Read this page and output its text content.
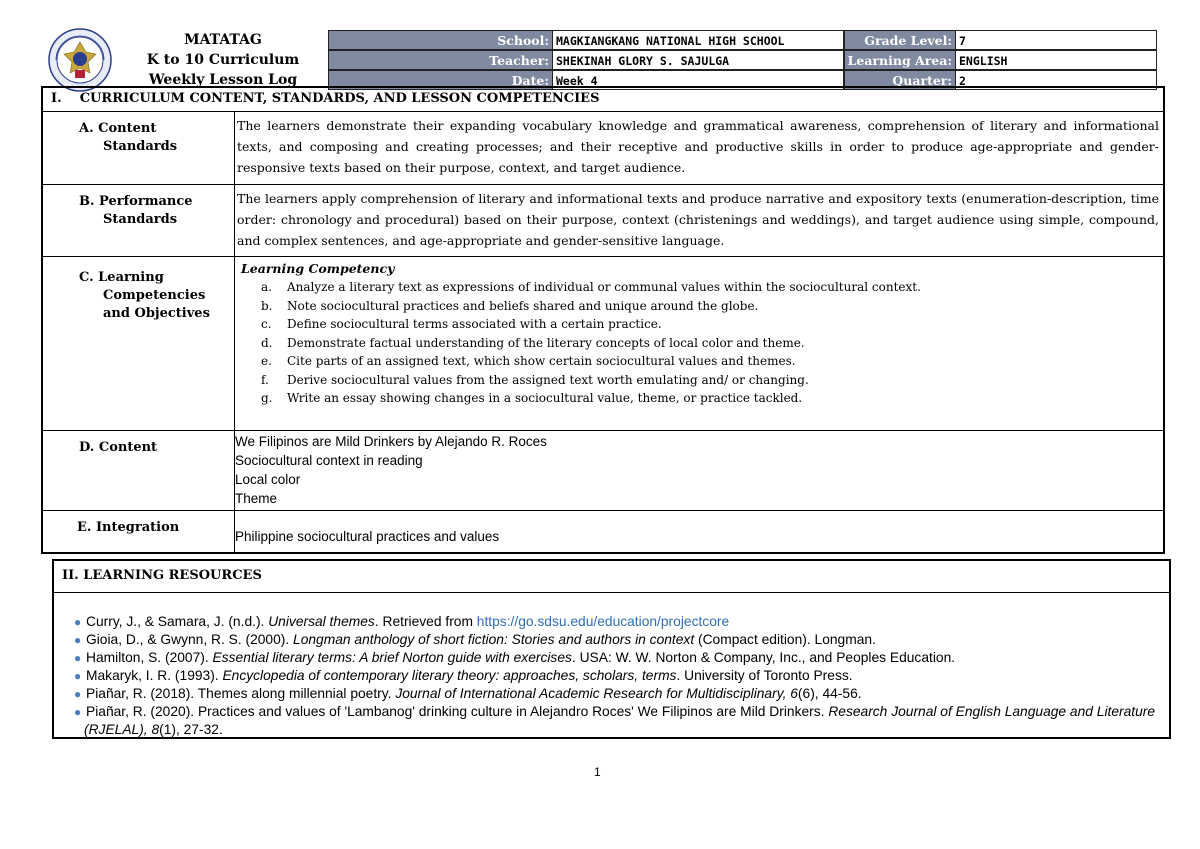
MATATAG
K to 10 Curriculum
Weekly Lesson Log
School: MAGKIANGKANG NATIONAL HIGH SCHOOL
Teacher: SHEKINAH GLORY S. SAJULGA
Date: Week 4
Grade Level: 7
Learning Area: ENGLISH
Quarter: 2
I.    CURRICULUM CONTENT, STANDARDS, AND LESSON COMPETENCIES
A. Content
Standards
The learners demonstrate their expanding vocabulary knowledge and grammatical awareness, comprehension of literary and informational texts, and composing and creating processes; and their receptive and productive skills in order to produce age-appropriate and gender-responsive texts based on their purpose, context, and target audience.
B. Performance
Standards
The learners apply comprehension of literary and informational texts and produce narrative and expository texts (enumeration-description, time order: chronology and procedural) based on their purpose, context (christenings and weddings), and target audience using simple, compound, and complex sentences, and age-appropriate and gender-sensitive language.
C. Learning
Competencies
and Objectives
Learning Competency
a. Analyze a literary text as expressions of individual or communal values within the sociocultural context.
b. Note sociocultural practices and beliefs shared and unique around the globe.
c. Define sociocultural terms associated with a certain practice.
d. Demonstrate factual understanding of the literary concepts of local color and theme.
e. Cite parts of an assigned text, which show certain sociocultural values and themes.
f. Derive sociocultural values from the assigned text worth emulating and/ or changing.
g. Write an essay showing changes in a sociocultural value, theme, or practice tackled.
D. Content	We Filipinos are Mild Drinkers by Alejando R. Roces
Sociocultural context in reading
Local color
Theme
E. Integration
Philippine sociocultural practices and values
II. LEARNING RESOURCES
● Curry, J., & Samara, J. (n.d.). Universal themes. Retrieved from https://go.sdsu.edu/education/projectcore
● Gioia, D., & Gwynn, R. S. (2000). Longman anthology of short fiction: Stories and authors in context (Compact edition). Longman.
● Hamilton, S. (2007). Essential literary terms: A brief Norton guide with exercises. USA: W. W. Norton & Company, Inc., and Peoples Education.
● Makaryk, I. R. (1993). Encyclopedia of contemporary literary theory: approaches, scholars, terms. University of Toronto Press.
● Piañar, R. (2018). Themes along millennial poetry. Journal of International Academic Research for Multidisciplinary, 6(6), 44-56.
● Piañar, R. (2020). Practices and values of 'Lambanog' drinking culture in Alejandro Roces' We Filipinos are Mild Drinkers. Research Journal of English Language and Literature (RJELAL), 8(1), 27-32.
1
